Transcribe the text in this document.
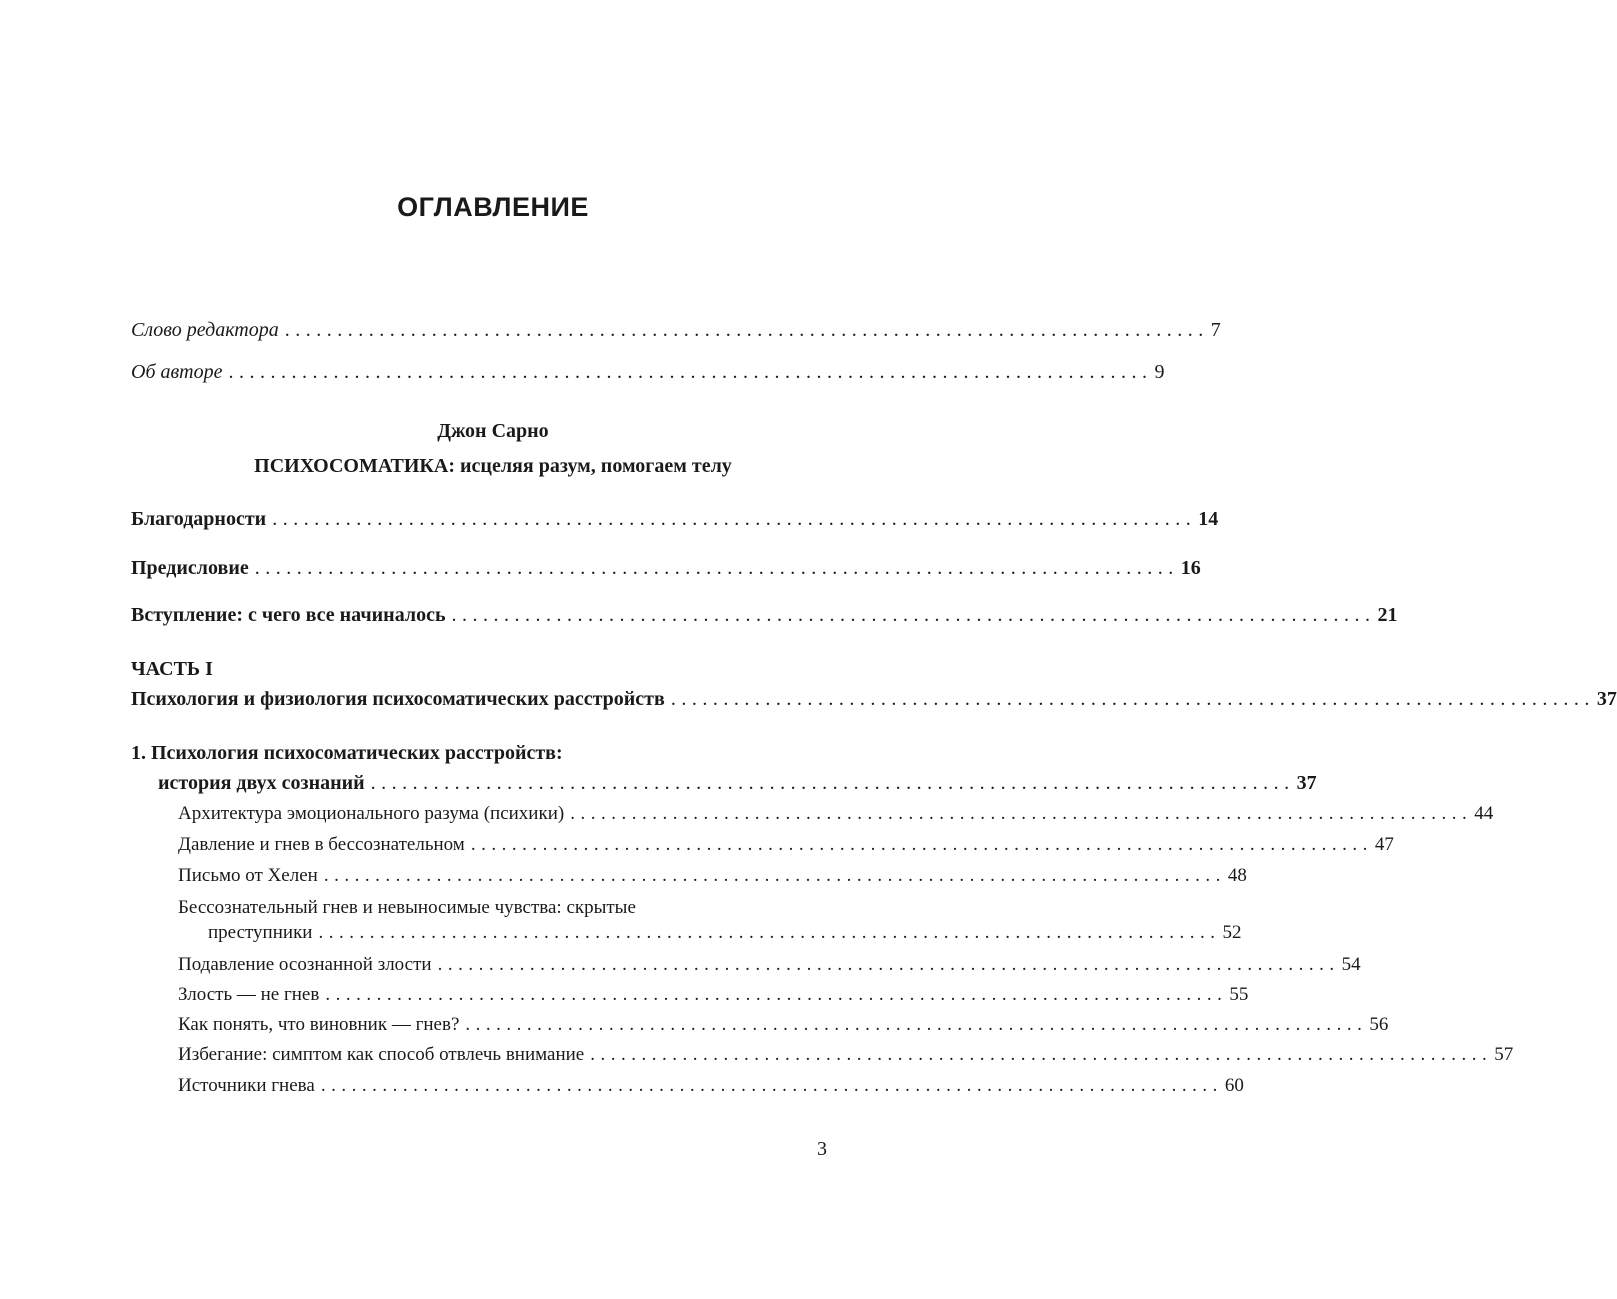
ОГЛАВЛЕНИЕ
Слово редактора ........................................................................................ 7
Об авторе ........................................................................................ 9
Джон Сарно
ПСИХОСОМАТИКА: исцеляя разум, помогаем телу
Благодарности ........................................................................................ 14
Предисловие ........................................................................................ 16
Вступление: с чего все начиналось ........................................................................................ 21
ЧАСТЬ I
Психология и физиология психосоматических расстройств ........................................................................................ 37
1. Психология психосоматических расстройств:
история двух сознаний ........................................................................................ 37
Архитектура эмоционального разума (психики) ........................................................................................ 44
Давление и гнев в бессознательном ........................................................................................ 47
Письмо от Хелен ........................................................................................ 48
Бессознательный гнев и невыносимые чувства: скрытые
преступники ........................................................................................ 52
Подавление осознанной злости ........................................................................................ 54
Злость — не гнев ........................................................................................ 55
Как понять, что виновник — гнев? ........................................................................................ 56
Избегание: симптом как способ отвлечь внимание ........................................................................................ 57
Источники гнева ........................................................................................ 60
3
